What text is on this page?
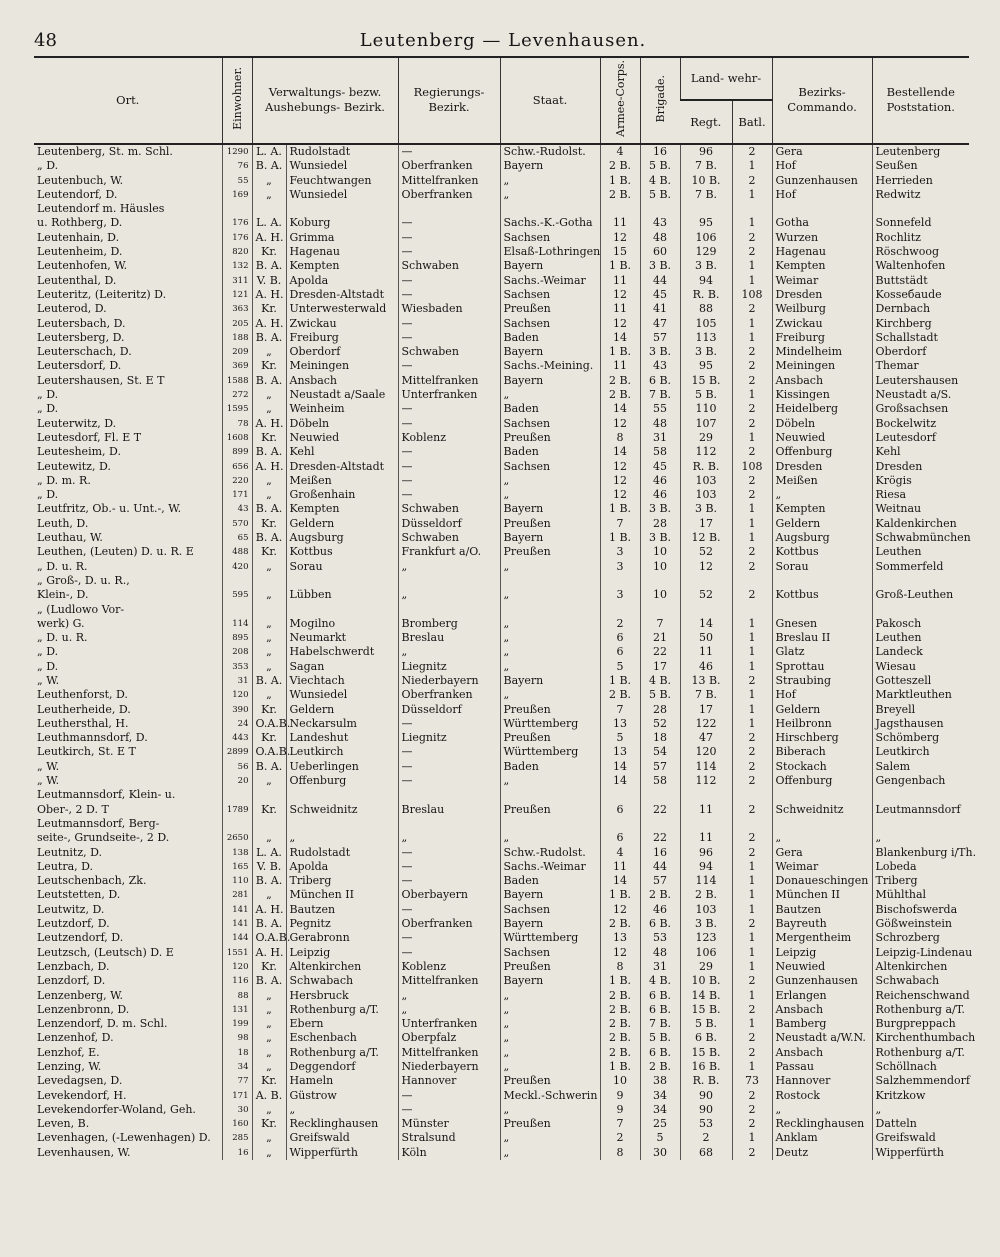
48	Leutenberg — Levenhausen.
Ort.	Einwohner.	Verwaltungs- bezw. Aushebungs- Bezirk.		Regierungs- Bezirk.	Staat.	Armee-Corps.	Brigade.	Land- wehr-		Bezirks- Commando.	Bestellende Poststation.
								Regt.	Batl.		
Leutenberg, St. m. Schl.	1290	L. A.	Rudolstadt	—	Schw.-Rudolst.	4	16	96	2	Gera	Leutenberg
„ D.	76	B. A.	Wunsiedel	Oberfranken	Bayern	2 B.	5 B.	7 B.	1	Hof	Seußen
Leutenbuch, W.	55	„	Feuchtwangen	Mittelfranken	„	1 B.	4 B.	10 B.	2	Gunzenhausen	Herrieden
Leutendorf, D.	169	„	Wunsiedel	Oberfranken	„	2 B.	5 B.	7 B.	1	Hof	Redwitz
Leutendorf m. Häusles											
u. Rothberg, D.	176	L. A.	Koburg	—	Sachs.-K.-Gotha	11	43	95	1	Gotha	Sonnefeld
Leutenhain, D.	176	A. H.	Grimma	—	Sachsen	12	48	106	2	Wurzen	Rochlitz
Leutenheim, D.	820	Kr.	Hagenau	—	Elsaß-Lothringen	15	60	129	2	Hagenau	Röschwoog
Leutenhofen, W.	132	B. A.	Kempten	Schwaben	Bayern	1 B.	3 B.	3 B.	1	Kempten	Waltenhofen
Leutenthal, D.	311	V. B.	Apolda	—	Sachs.-Weimar	11	44	94	1	Weimar	Buttstädt
Leuteritz, (Leiteritz) D.	121	A. H.	Dresden-Altstadt	—	Sachsen	12	45	R. B.	108	Dresden	Kosseбaude
Leuterod, D.	363	Kr.	Unterwesterwald	Wiesbaden	Preußen	11	41	88	2	Weilburg	Dernbach
Leutersbach, D.	205	A. H.	Zwickau	—	Sachsen	12	47	105	1	Zwickau	Kirchberg
Leutersberg, D.	188	B. A.	Freiburg	—	Baden	14	57	113	1	Freiburg	Schallstadt
Leuterschach, D.	209	„	Oberdorf	Schwaben	Bayern	1 B.	3 B.	3 B.	2	Mindelheim	Oberdorf
Leutersdorf, D.	369	Kr.	Meiningen	—	Sachs.-Meining.	11	43	95	2	Meiningen	Themar
Leutershausen, St. E T	1588	B. A.	Ansbach	Mittelfranken	Bayern	2 B.	6 B.	15 B.	2	Ansbach	Leutershausen
„ D.	272	„	Neustadt a/Saale	Unterfranken	„	2 B.	7 B.	5 B.	1	Kissingen	Neustadt a/S.
„ D.	1595	„	Weinheim	—	Baden	14	55	110	2	Heidelberg	Großsachsen
Leuterwitz, D.	78	A. H.	Döbeln	—	Sachsen	12	48	107	2	Döbeln	Bockelwitz
Leutesdorf, Fl. E T	1608	Kr.	Neuwied	Koblenz	Preußen	8	31	29	1	Neuwied	Leutesdorf
Leutesheim, D.	899	B. A.	Kehl	—	Baden	14	58	112	2	Offenburg	Kehl
Leutewitz, D.	656	A. H.	Dresden-Altstadt	—	Sachsen	12	45	R. B.	108	Dresden	Dresden
„ D. m. R.	220	„	Meißen	—	„	12	46	103	2	Meißen	Krögis
„ D.	171	„	Großenhain	—	„	12	46	103	2	„	Riesa
Leutfritz, Ob.- u. Unt.-, W.	43	B. A.	Kempten	Schwaben	Bayern	1 B.	3 B.	3 B.	1	Kempten	Weitnau
Leuth, D.	570	Kr.	Geldern	Düsseldorf	Preußen	7	28	17	1	Geldern	Kaldenkirchen
Leuthau, W.	65	B. A.	Augsburg	Schwaben	Bayern	1 B.	3 B.	12 B.	1	Augsburg	Schwabmünchen
Leuthen, (Leuten) D. u. R. E	488	Kr.	Kottbus	Frankfurt a/O.	Preußen	3	10	52	2	Kottbus	Leuthen
„ D. u. R.	420	„	Sorau	„	„	3	10	12	2	Sorau	Sommerfeld
„ Groß-, D. u. R.,											
Klein-, D.	595	„	Lübben	„	„	3	10	52	2	Kottbus	Groß-Leuthen
„ (Ludlowo Vor-											
werk) G.	114	„	Mogilno	Bromberg	„	2	7	14	1	Gnesen	Pakosch
„ D. u. R.	895	„	Neumarkt	Breslau	„	6	21	50	1	Breslau II	Leuthen
„ D.	208	„	Habelschwerdt	„	„	6	22	11	1	Glatz	Landeck
„ D.	353	„	Sagan	Liegnitz	„	5	17	46	1	Sprottau	Wiesau
„ W.	31	B. A.	Viechtach	Niederbayern	Bayern	1 B.	4 B.	13 B.	2	Straubing	Gotteszell
Leuthenforst, D.	120	„	Wunsiedel	Oberfranken	„	2 B.	5 B.	7 B.	1	Hof	Marktleuthen
Leutherheide, D.	390	Kr.	Geldern	Düsseldorf	Preußen	7	28	17	1	Geldern	Breyell
Leuthersthal, H.	24	O.A.B.	Neckarsulm	—	Württemberg	13	52	122	1	Heilbronn	Jagsthausen
Leuthmannsdorf, D.	443	Kr.	Landeshut	Liegnitz	Preußen	5	18	47	2	Hirschberg	Schömberg
Leutkirch, St. E T	2899	O.A.B.	Leutkirch	—	Württemberg	13	54	120	2	Biberach	Leutkirch
„ W.	56	B. A.	Ueberlingen	—	Baden	14	57	114	2	Stockach	Salem
„ W.	20	„	Offenburg	—	„	14	58	112	2	Offenburg	Gengenbach
Leutmannsdorf, Klein- u.											
Ober-, 2 D. T	1789	Kr.	Schweidnitz	Breslau	Preußen	6	22	11	2	Schweidnitz	Leutmannsdorf
Leutmannsdorf, Berg-											
seite-, Grundseite-, 2 D.	2650	„	„	„	„	6	22	11	2	„	„
Leutnitz, D.	138	L. A.	Rudolstadt	—	Schw.-Rudolst.	4	16	96	2	Gera	Blankenburg i/Th.
Leutra, D.	165	V. B.	Apolda	—	Sachs.-Weimar	11	44	94	1	Weimar	Lobeda
Leutschenbach, Zk.	110	B. A.	Triberg	—	Baden	14	57	114	1	Donaueschingen	Triberg
Leutstetten, D.	281	„	München II	Oberbayern	Bayern	1 B.	2 B.	2 B.	1	München II	Mühlthal
Leutwitz, D.	141	A. H.	Bautzen	—	Sachsen	12	46	103	1	Bautzen	Bischofswerda
Leutzdorf, D.	141	B. A.	Pegnitz	Oberfranken	Bayern	2 B.	6 B.	3 B.	2	Bayreuth	Gößweinstein
Leutzendorf, D.	144	O.A.B.	Gerabronn	—	Württemberg	13	53	123	1	Mergentheim	Schrozberg
Leutzsch, (Leutsch) D. E	1551	A. H.	Leipzig	—	Sachsen	12	48	106	1	Leipzig	Leipzig-Lindenau
Lenzbach, D.	120	Kr.	Altenkirchen	Koblenz	Preußen	8	31	29	1	Neuwied	Altenkirchen
Lenzdorf, D.	116	B. A.	Schwabach	Mittelfranken	Bayern	1 B.	4 B.	10 B.	2	Gunzenhausen	Schwabach
Lenzenberg, W.	88	„	Hersbruck	„	„	2 B.	6 B.	14 B.	1	Erlangen	Reichenschwand
Lenzenbronn, D.	131	„	Rothenburg a/T.	„	„	2 B.	6 B.	15 B.	2	Ansbach	Rothenburg a/T.
Lenzendorf, D. m. Schl.	199	„	Ebern	Unterfranken	„	2 B.	7 B.	5 B.	1	Bamberg	Burgpreppach
Lenzenhof, D.	98	„	Eschenbach	Oberpfalz	„	2 B.	5 B.	6 B.	2	Neustadt a/W.N.	Kirchenthumbach
Lenzhof, E.	18	„	Rothenburg a/T.	Mittelfranken	„	2 B.	6 B.	15 B.	2	Ansbach	Rothenburg a/T.
Lenzing, W.	34	„	Deggendorf	Niederbayern	„	1 B.	2 B.	16 B.	1	Passau	Schöllnach
Levedagsen, D.	77	Kr.	Hameln	Hannover	Preußen	10	38	R. B.	73	Hannover	Salzhemmendorf
Levekendorf, H.	171	A. B.	Güstrow	—	Meckl.-Schwerin	9	34	90	2	Rostock	Kritzkow
Levekendorfer-Woland, Geh.	30	„	„	—	„	9	34	90	2	„	„
Leven, B.	160	Kr.	Recklinghausen	Münster	Preußen	7	25	53	2	Recklinghausen	Datteln
Levenhagen, (-Lewenhagen) D.	285	„	Greifswald	Stralsund	„	2	5	2	1	Anklam	Greifswald
Levenhausen, W.	16	„	Wipperfürth	Köln	„	8	30	68	2	Deutz	Wipperfürth
